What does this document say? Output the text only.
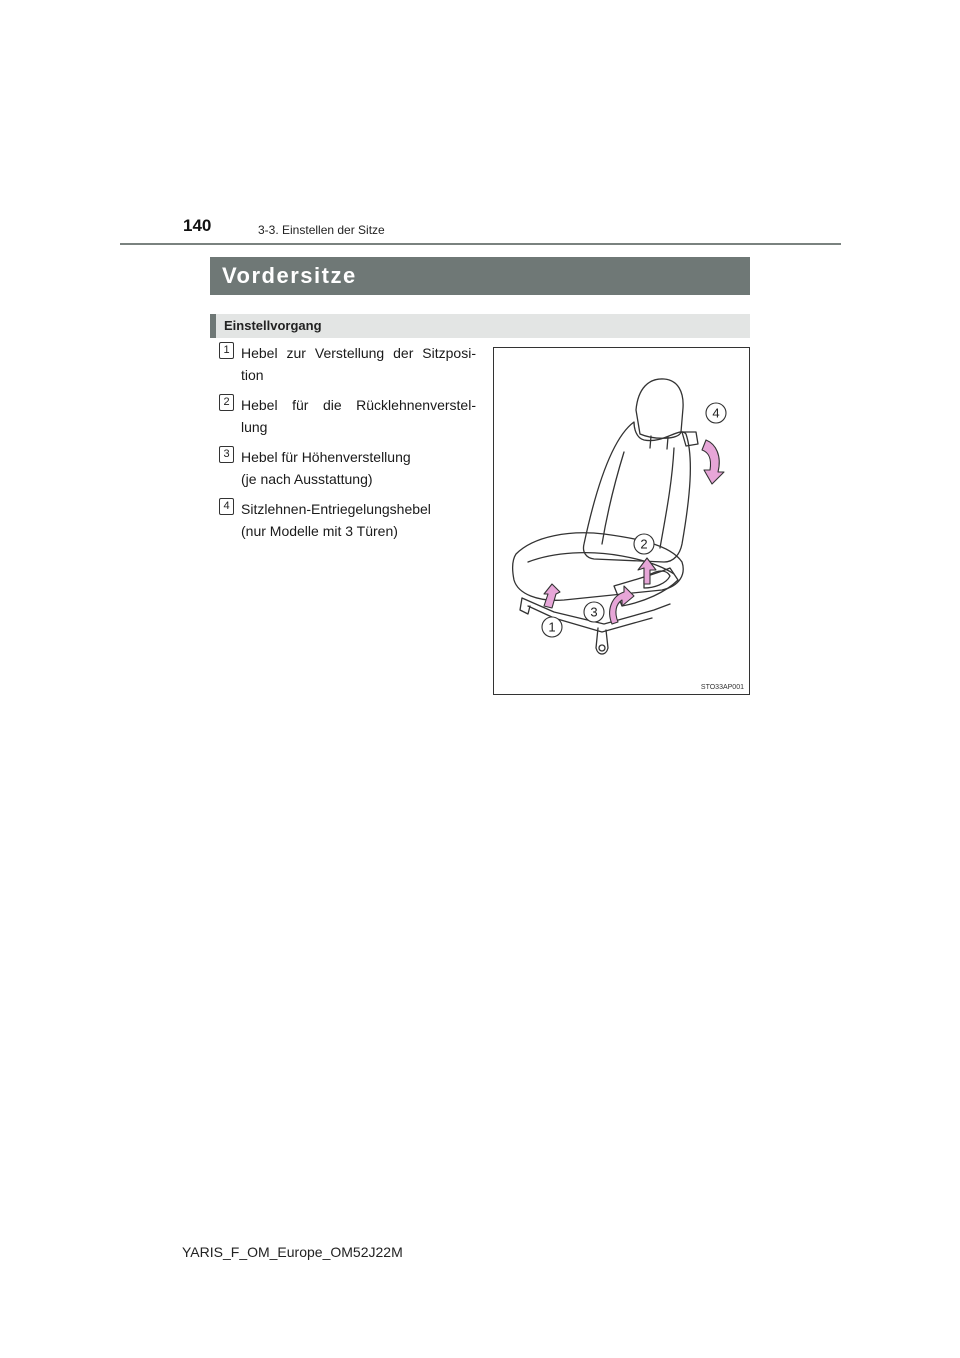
140	3-3. Einstellen der Sitze
Vordersitze
Einstellvorgang
1 Hebel zur Verstellung der Sitzposi-
tion

2 Hebel für die Rücklehnenverstel-
lung

3 Hebel für Höhenverstellung
(je nach Ausstattung)

4 Sitzlehnen-Entriegelungshebel
(nur Modelle mit 3 Türen)

4
2
3
1
STO33AP001
YARIS_F_OM_Europe_OM52J22M
